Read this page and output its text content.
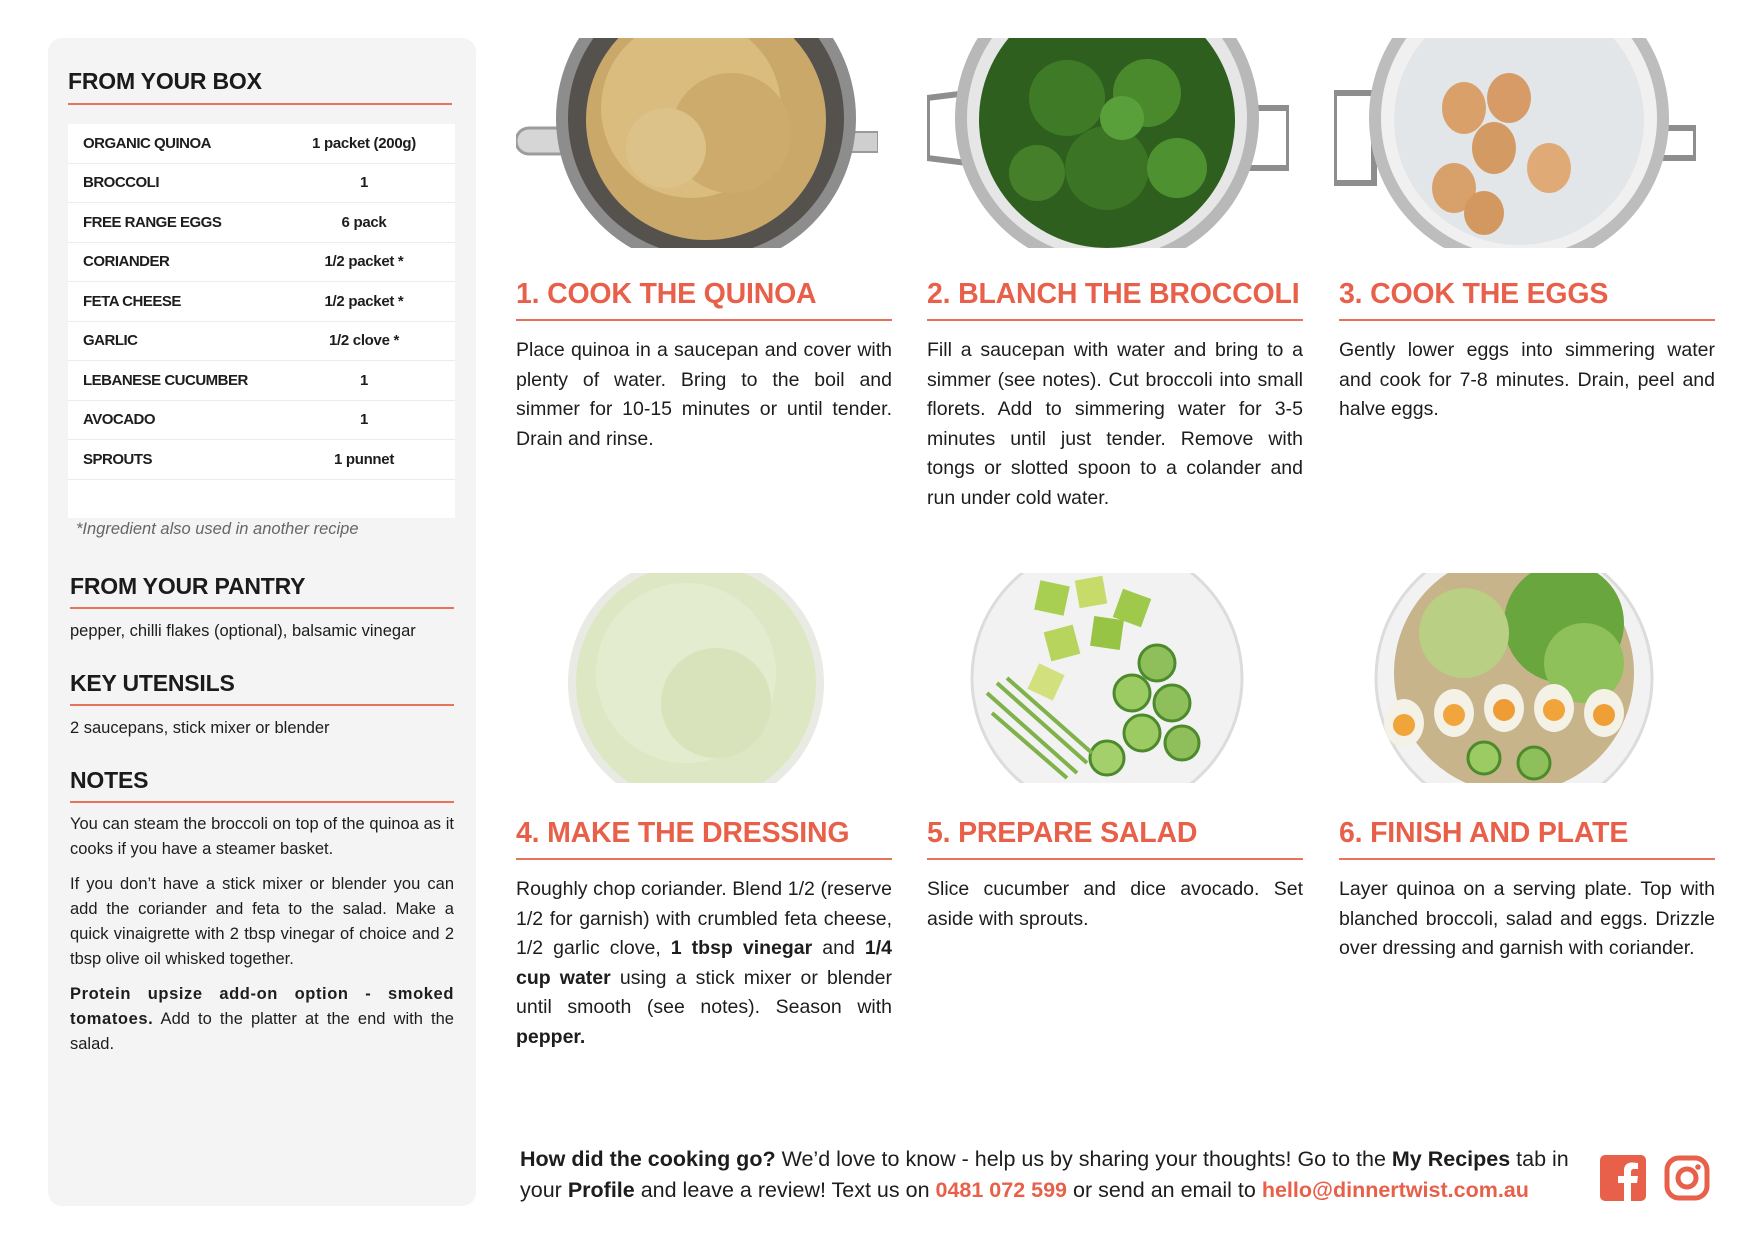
FROM YOUR BOX
ORGANIC QUINOA	1 packet (200g)
BROCCOLI	1
FREE RANGE EGGS	6 pack
CORIANDER	1/2 packet *
FETA CHEESE	1/2 packet *
GARLIC	1/2 clove *
LEBANESE CUCUMBER	1
AVOCADO	1
SPROUTS	1 punnet
*Ingredient also used in another recipe
FROM YOUR PANTRY
pepper, chilli flakes (optional), balsamic vinegar
KEY UTENSILS
2 saucepans, stick mixer or blender
NOTES

You can steam the broccoli on top of the quinoa as it cooks if you have a steamer basket.

If you don’t have a stick mixer or blender you can add the coriander and feta to the salad. Make a quick vinaigrette with 2 tbsp vinegar of choice and 2 tbsp olive oil whisked together.

Protein upsize add-on option - smoked tomatoes. Add to the platter at the end with the salad.

1. COOK THE QUINOA	2. BLANCH THE BROCCOLI 3. COOK THE EGGS
Place quinoa in a saucepan and cover with plenty of water. Bring to the boil and simmer for 10-15 minutes or until tender. Drain and rinse.
Fill a saucepan with water and bring to a simmer (see notes). Cut broccoli into small florets. Add to simmering water for 3-5 minutes until just tender. Remove with tongs or slotted spoon to a colander and run under cold water.
Gently lower eggs into simmering water and cook for 7-8 minutes. Drain, peel and halve eggs.
4. MAKE THE DRESSING	5. PREPARE SALAD	6. FINISH AND PLATE
Roughly chop coriander. Blend 1/2 (reserve 1/2 for garnish) with crumbled feta cheese, 1/2 garlic clove, 1 tbsp vinegar and 1/4 cup water using a stick mixer or blender until smooth (see notes). Season with pepper.
Slice cucumber and dice avocado. Set aside with sprouts.
Layer quinoa on a serving plate. Top with blanched broccoli, salad and eggs. Drizzle over dressing and garnish with coriander.
How did the cooking go? We’d love to know - help us by sharing your thoughts! Go to the My Recipes tab in your Profile and leave a review! Text us on 0481 072 599 or send an email to hello@dinnertwist.com.au
